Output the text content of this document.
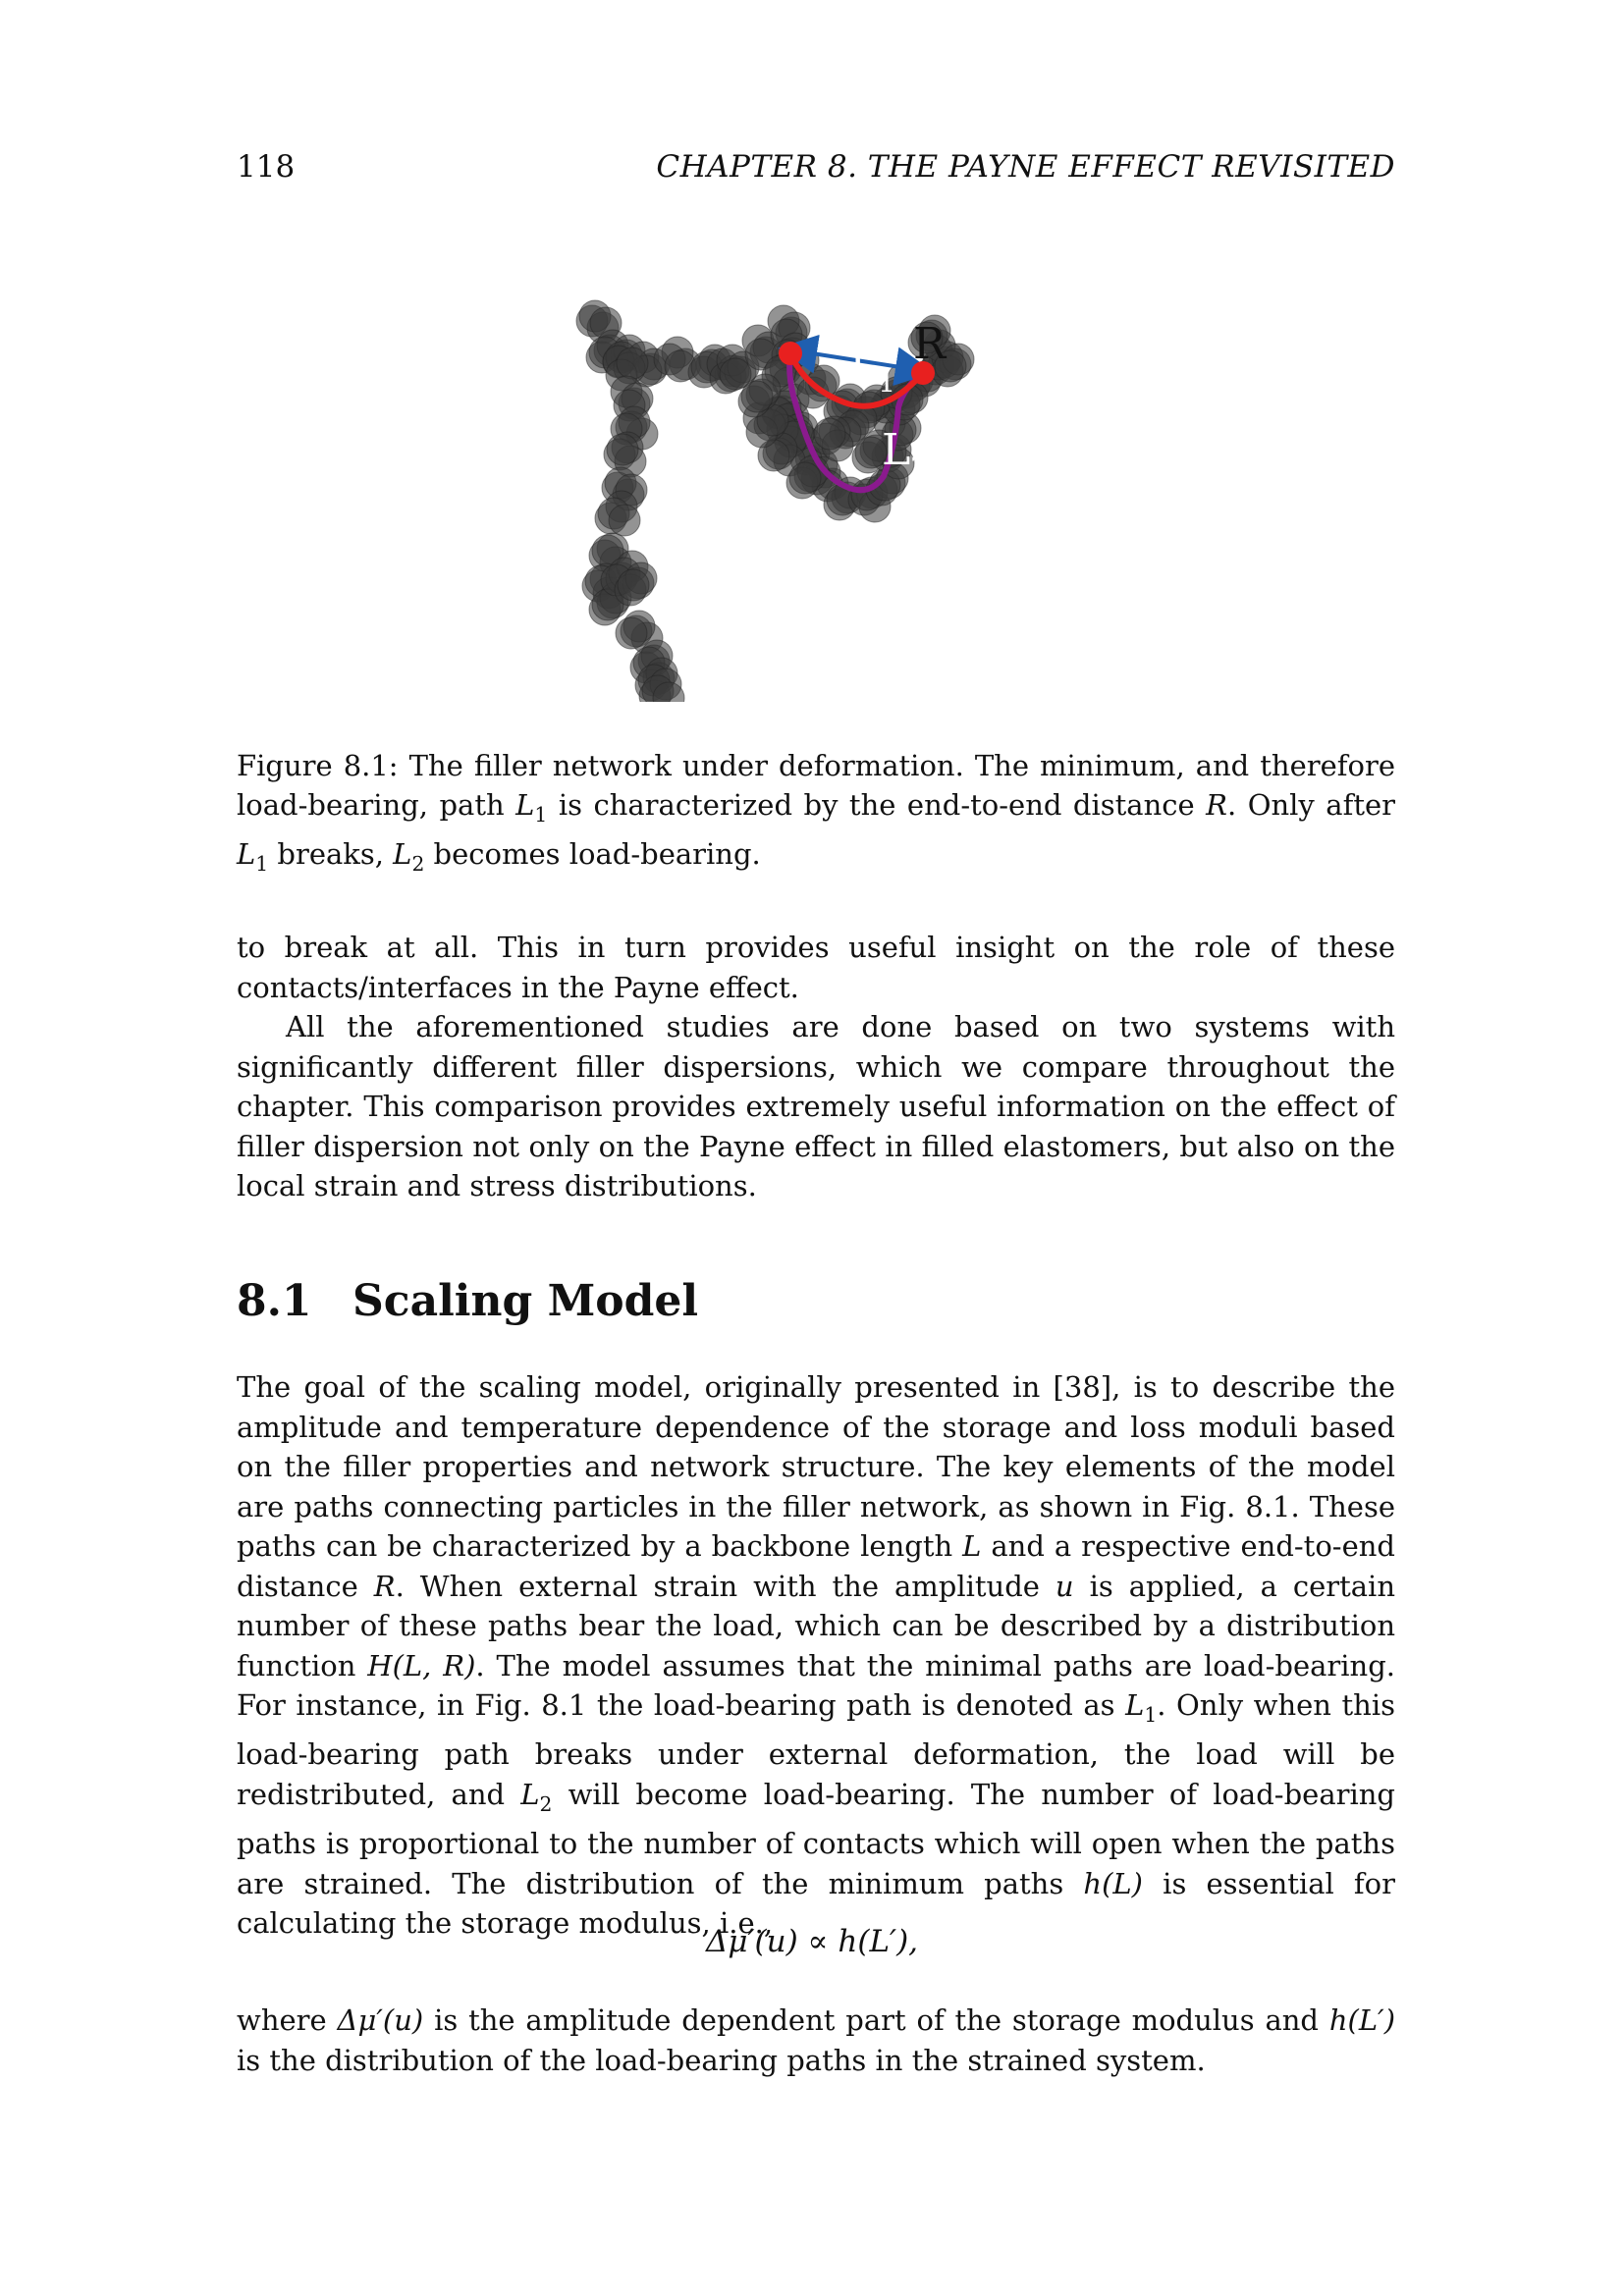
118	CHAPTER 8. THE PAYNE EFFECT REVISITED
R
$L_1$
$L_2$
Figure 8.1: The filler network under deformation. The minimum, and therefore load-bearing, path $L_1$ is characterized by the end-to-end distance R. Only after $L_1$ breaks, $L_2$ becomes load-bearing.

to break at all. This in turn provides useful insight on the role of these contacts/interfaces in the Payne effect.

All the aforementioned studies are done based on two systems with significantly different filler dispersions, which we compare throughout the chapter. This comparison provides extremely useful information on the effect of filler dispersion not only on the Payne effect in filled elastomers, but also on the local strain and stress distributions.

8.1 Scaling Model

The goal of the scaling model, originally presented in [38], is to describe the amplitude and temperature dependence of the storage and loss moduli based on the filler properties and network structure. The key elements of the model are paths connecting particles in the filler network, as shown in Fig. 8.1. These paths can be characterized by a backbone length L and a respective end-to-end distance R. When external strain with the amplitude u is applied, a certain number of these paths bear the load, which can be described by a distribution function H(L, R). The model assumes that the minimal paths are load-bearing. For instance, in Fig. 8.1 the load-bearing path is denoted as $L_1$. Only when this load-bearing path breaks under external deformation, the load will be redistributed, and $L_2$ will become load-bearing. The number of load-bearing paths is proportional to the number of contacts which will open when the paths are strained. The distribution of the minimum paths h(L) is essential for calculating the storage modulus, i.e.,

Δμ′(u) ∝ h(L′),

where Δμ′(u) is the amplitude dependent part of the storage modulus and h(L′) is the distribution of the load-bearing paths in the strained system.
